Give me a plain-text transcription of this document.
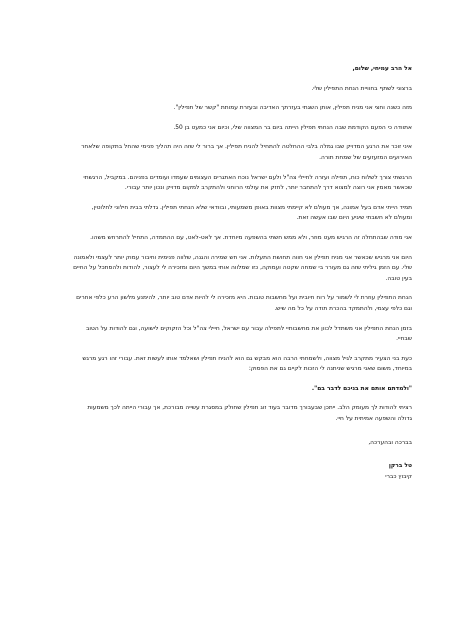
אל הרב עמיחי, שלום,

ברצוני לשתף בחוויית הנחת התפילין שלי.

מזה כשנה וחצי אני מניח תפילין, אותן השגתי בעזרתך האדיבה ובעזרת עמותת "קשר של תפילין".

אתוודה כי הפעם הקודמת שבה הנחתי תפילין הייתה ביום בר המצווה שלי, וכיום אני כמעט בן 50.

איני זוכר את הרגע המדויק שבו גמלה בלבי ההחלטה להתחיל להניח תפילין. אך ברור לי שזה היה תהליך פנימי שהחל בתקופה שלאחר האירועים המזעזעים של שמחת תורה.

הרגשתי צורך לשלוח כוח, תפילה ועזרה לחיילי צה"ל ולעם ישראל נוכח האתגרים העצומים שעמדו ועומדים בפניהם. במקביל, הרגשתי שכאשר מאמין אני רוצה למצוא דרך להתחבר יותר, לחזק את עולמי הרוחני ולהתקרב למקום מדויק ונכון יותר עבורי.

תמיד הייתי אדם בעל אמונה, אך מעולם לא קיימתי מצוות באופן משמעותי, ובוודאי שלא הנחתי תפילין. גדלתי בבית חילוני לחלוטין, ומעולם לא חשבתי שיגיע היום שבו אעשה זאת.

אני מודה שבהתחלה זה הרגיש מעט מוזר, ולא ממש חשתי בהשפעה מיוחדת. אך לאט-לאט, עם ההתמדה, התחיל להתרחש משהו.

היום אני מרגיש שכאשר אני מניח תפילין אני חווה תחושת התעלות. אני חש שמירה והגנה, שלווה פנימית וחיבור עמוק יותר לעצמי ולאמונה שלי. עם הזמן גיליתי שזה גם מעורר בי שמחה שקטה ועמוקה, כזו שמלווה אותי במשך היום ומזכירה לי לעצור, להודות ולהסתכל על החיים בעין טובה.

הנחת התפילין עוזרת לי לשמור על רוח חיובית ועל מחשבות טובות. היא מזכירה לי להיות אדם טוב יותר, להימנע מלשון הרע כלפי אחרים וגם כלפי עצמי, ולהתמקד בהכרת תודה על כל מה שיש.

בזמן הנחת התפילין אני משתדל לכוון את מחשבותיי לתפילה עבור עם ישראל, חיילי צה"ל וכל הזקוקים לישועה, וגם להודות על הטוב שבחיי.

כעת בני הצעיר מתקרב לגיל מצווה, ולשמחתי הרבה הוא מבקש גם הוא להניח תפילין ושאלמד אותו לעשות זאת. עבורי זהו רגע מרגש במיוחד, משום שאני מרגיש שניתנה לי הזכות לקיים גם את הפסוק:

"ולמדתם אותם את בניכם לדבר בם".

רציתי להודות לך מעומק הלב. ייתכן שבעבורך מדובר בעוד זוג תפילין שחולק במסגרת עשייה מבורכת, אך עבורי הייתה לכך משמעות גדולה והשפעה אמיתית על חיי.

בברכה ובהערכה,

טל ברקן

קיבוץ כברי
